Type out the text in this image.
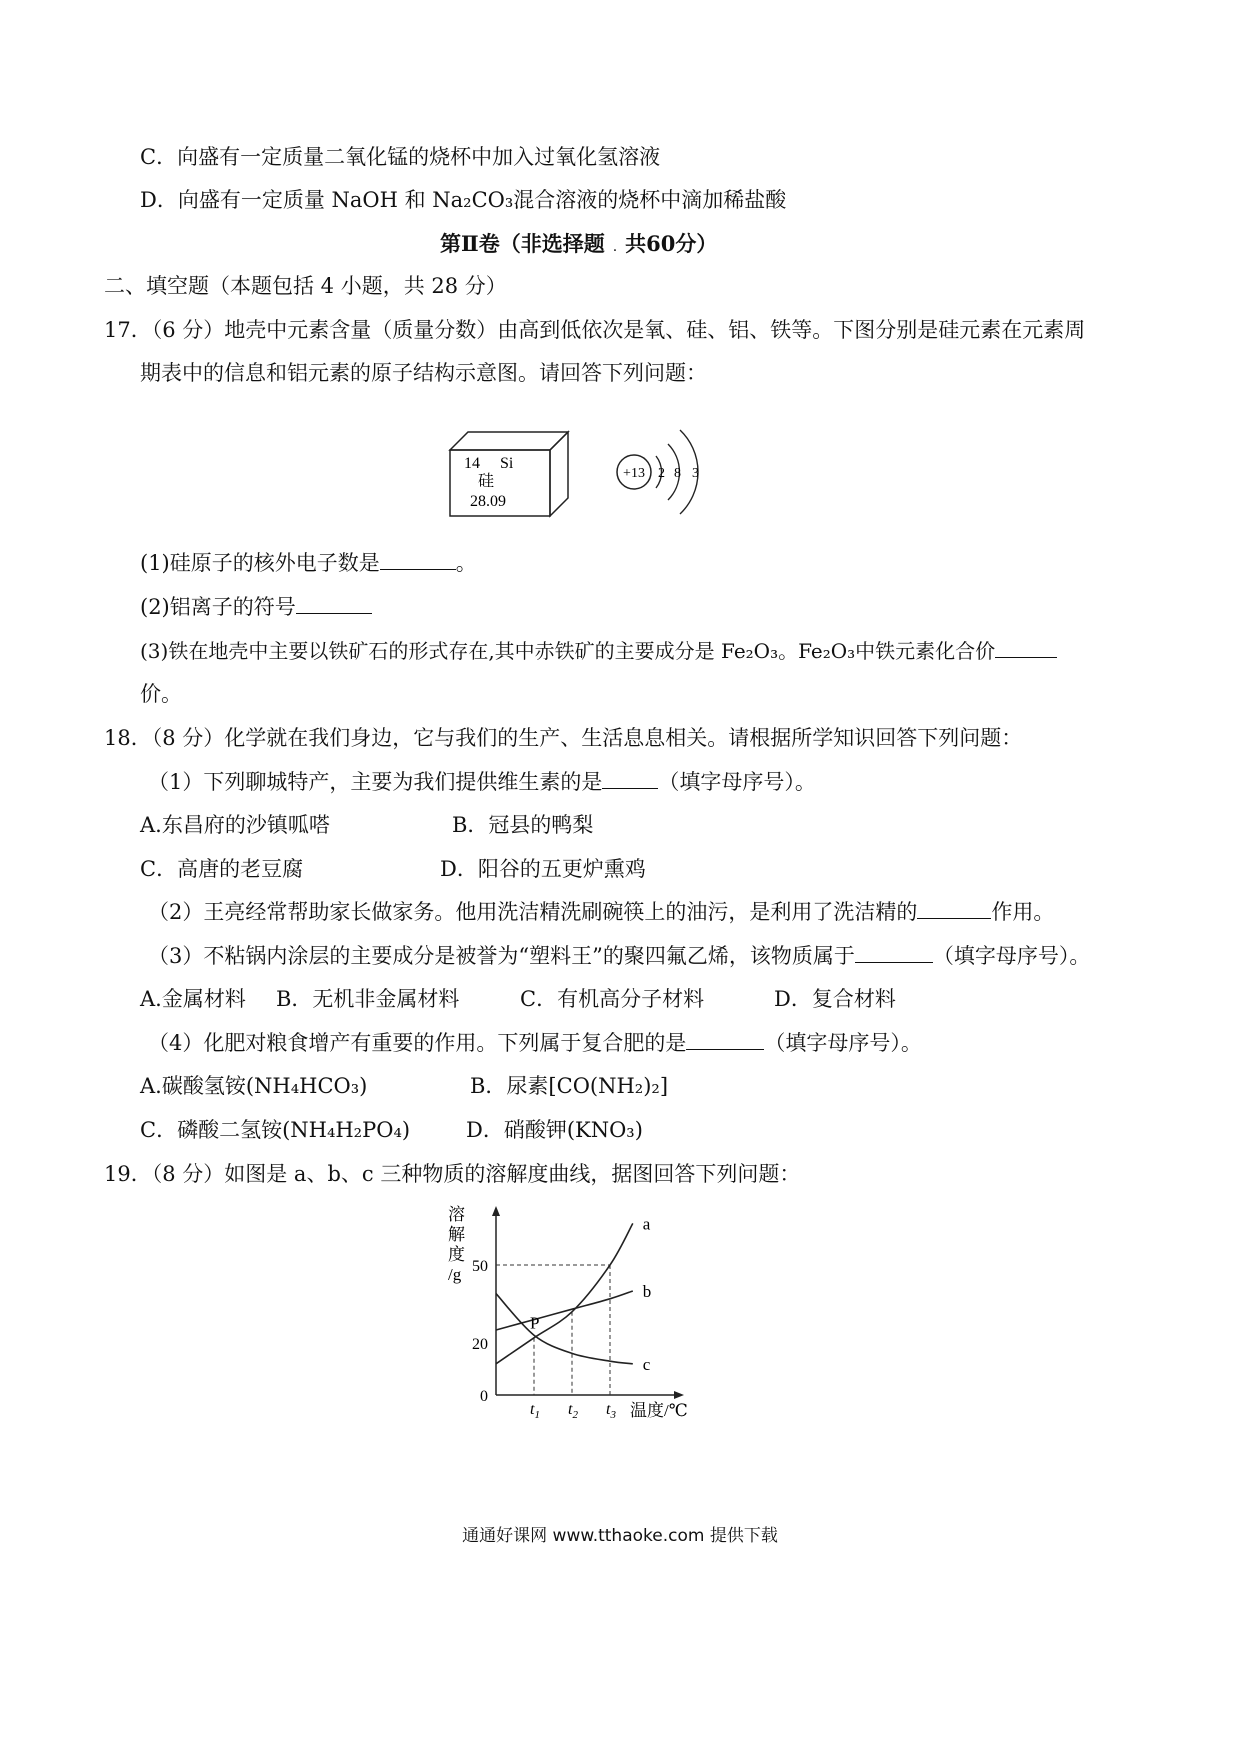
C．向盛有一定质量二氧化锰的烧杯中加入过氧化氢溶液
D．向盛有一定质量 NaOH 和 Na₂CO₃混合溶液的烧杯中滴加稀盐酸
第Ⅱ卷（非选择题 . 共60分）
二、填空题（本题包括 4 小题，共 28 分）
17．（6 分）地壳中元素含量（质量分数）由高到低依次是氧、硅、铝、铁等。下图分别是硅元素在元素周
期表中的信息和铝元素的原子结构示意图。请回答下列问题：
14 Si
硅
28.09
+13 2 8 3
(1)硅原子的核外电子数是	。
(2)铝离子的符号
(3)铁在地壳中主要以铁矿石的形式存在,其中赤铁矿的主要成分是 Fe₂O₃。Fe₂O₃中铁元素化合价
价。
18．（8 分）化学就在我们身边，它与我们的生产、生活息息相关。请根据所学知识回答下列问题：
（1）下列聊城特产，主要为我们提供维生素的是	（填字母序号）。
A.东昌府的沙镇呱嗒	B．冠县的鸭梨
C．高唐的老豆腐	D．阳谷的五更炉熏鸡
（2）王亮经常帮助家长做家务。他用洗洁精洗刷碗筷上的油污，是利用了洗洁精的	作用。
（3）不粘锅内涂层的主要成分是被誉为“塑料王”的聚四氟乙烯，该物质属于	（填字母序号）。
A.金属材料 B．无机非金属材料	C．有机高分子材料	D．复合材料
（4）化肥对粮食增产有重要的作用。下列属于复合肥的是	（填字母序号）。
A.碳酸氢铵(NH₄HCO₃)	B．尿素[CO(NH₂)₂]
C．磷酸二氢铵(NH₄H₂PO₄)	D．硝酸钾(KNO₃)
19．（8 分）如图是 a、b、c 三种物质的溶解度曲线，据图回答下列问题：
溶解度/g
温度/℃
50
20
0
$t_1$ $t_2$ $t_3$
a
b
c
P
通通好课网 www.tthaoke.com 提供下载
